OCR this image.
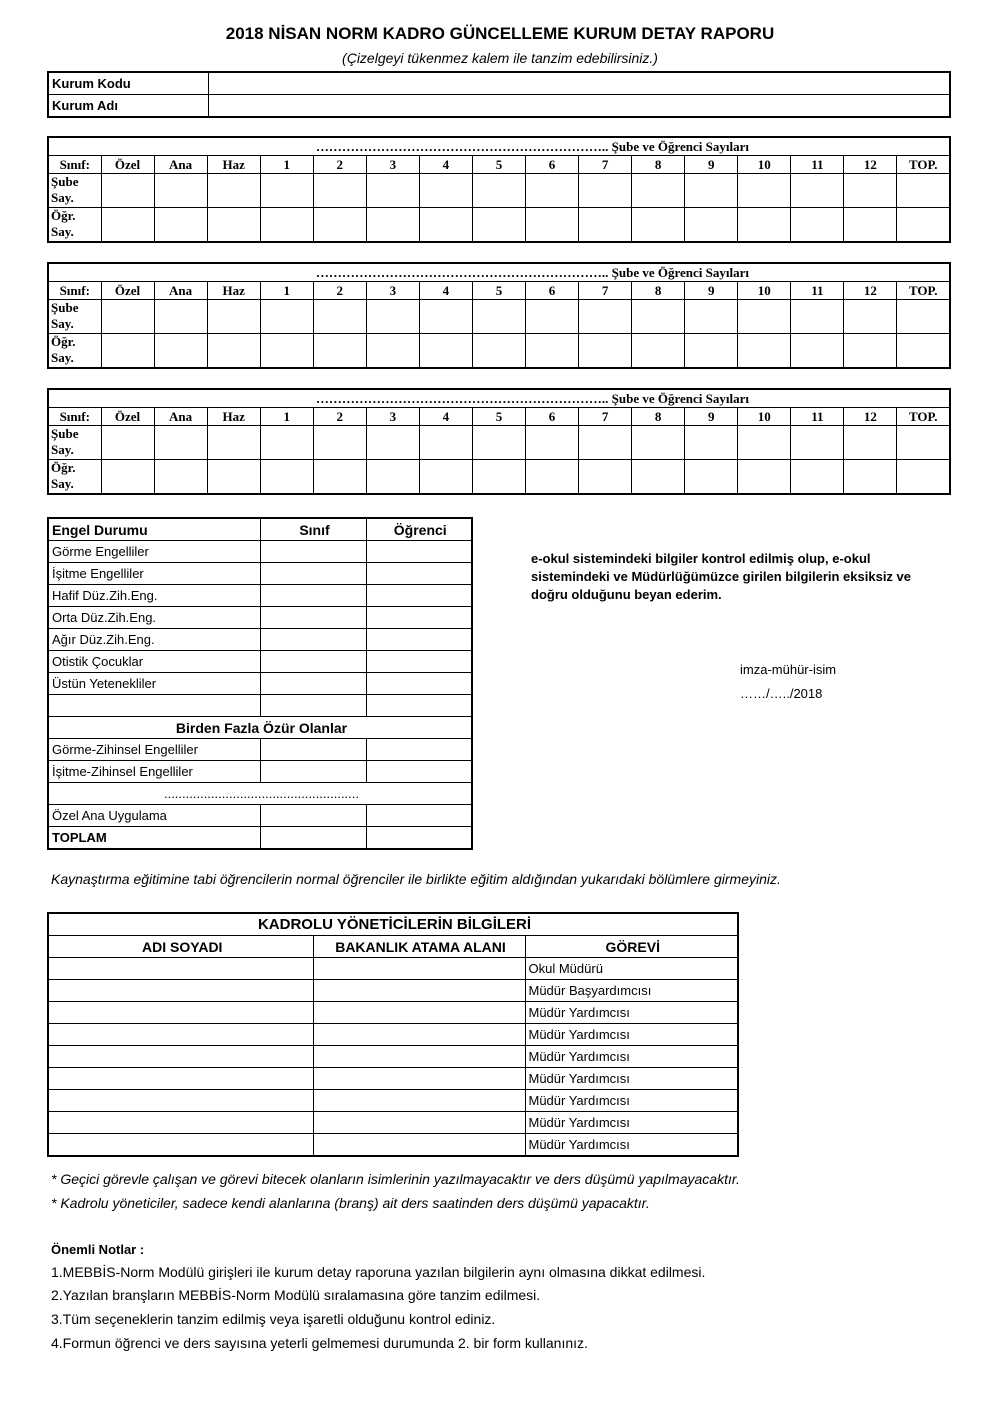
2018 NİSAN NORM KADRO GÜNCELLEME KURUM DETAY RAPORU
(Çizelgeyi tükenmez kalem ile tanzim edebilirsiniz.)
Kurum Kodu	
Kurum Adı	
………………………………………………………….. Şube ve Öğrenci Sayıları																
Sınıf:	Özel	Ana	Haz	1	2	3	4	5	6	7	8	9	10	11	12	TOP.
Şube Say.																
Öğr. Say.																
………………………………………………………….. Şube ve Öğrenci Sayıları																
Sınıf:	Özel	Ana	Haz	1	2	3	4	5	6	7	8	9	10	11	12	TOP.
Şube Say.																
Öğr. Say.																
………………………………………………………….. Şube ve Öğrenci Sayıları																
Sınıf:	Özel	Ana	Haz	1	2	3	4	5	6	7	8	9	10	11	12	TOP.
Şube Say.																
Öğr. Say.																
Engel Durumu	Sınıf	Öğrenci
Görme Engelliler		
İşitme Engelliler		
Hafif Düz.Zih.Eng.		
Orta Düz.Zih.Eng.		
Ağır Düz.Zih.Eng.		
Otistik Çocuklar		
Üstün Yetenekliler		

Birden Fazla Özür Olanlar		
Görme-Zihinsel Engelliler		
İşitme-Zihinsel Engelliler		
......................................................		
Özel Ana Uygulama		
TOPLAM		
e-okul sistemindeki bilgiler kontrol edilmiş olup, e-okul sistemindeki ve Müdürlüğümüzce girilen bilgilerin eksiksiz ve doğru olduğunu beyan ederim.
imza-mühür-isim
……/…../2018
Kaynaştırma eğitimine tabi öğrencilerin normal öğrenciler ile birlikte eğitim aldığından yukarıdaki bölümlere girmeyiniz.
KADROLU YÖNETİCİLERİN BİLGİLERİ		
ADI SOYADI	BAKANLIK ATAMA ALANI	GÖREVİ
		Okul Müdürü
		Müdür Başyardımcısı
		Müdür Yardımcısı
		Müdür Yardımcısı
		Müdür Yardımcısı
		Müdür Yardımcısı
		Müdür Yardımcısı
		Müdür Yardımcısı
		Müdür Yardımcısı
* Geçici görevle çalışan ve görevi bitecek olanların isimlerinin yazılmayacaktır ve ders düşümü yapılmayacaktır.
* Kadrolu yöneticiler, sadece kendi alanlarına (branş) ait ders saatinden ders düşümü yapacaktır.
Önemli Notlar :
1.MEBBİS-Norm Modülü girişleri ile kurum detay raporuna yazılan bilgilerin aynı olmasına dikkat edilmesi.
2.Yazılan branşların MEBBİS-Norm Modülü sıralamasına göre tanzim edilmesi.
3.Tüm seçeneklerin tanzim edilmiş veya işaretli olduğunu kontrol ediniz.
4.Formun öğrenci ve ders sayısına yeterli gelmemesi durumunda 2. bir form kullanınız.
